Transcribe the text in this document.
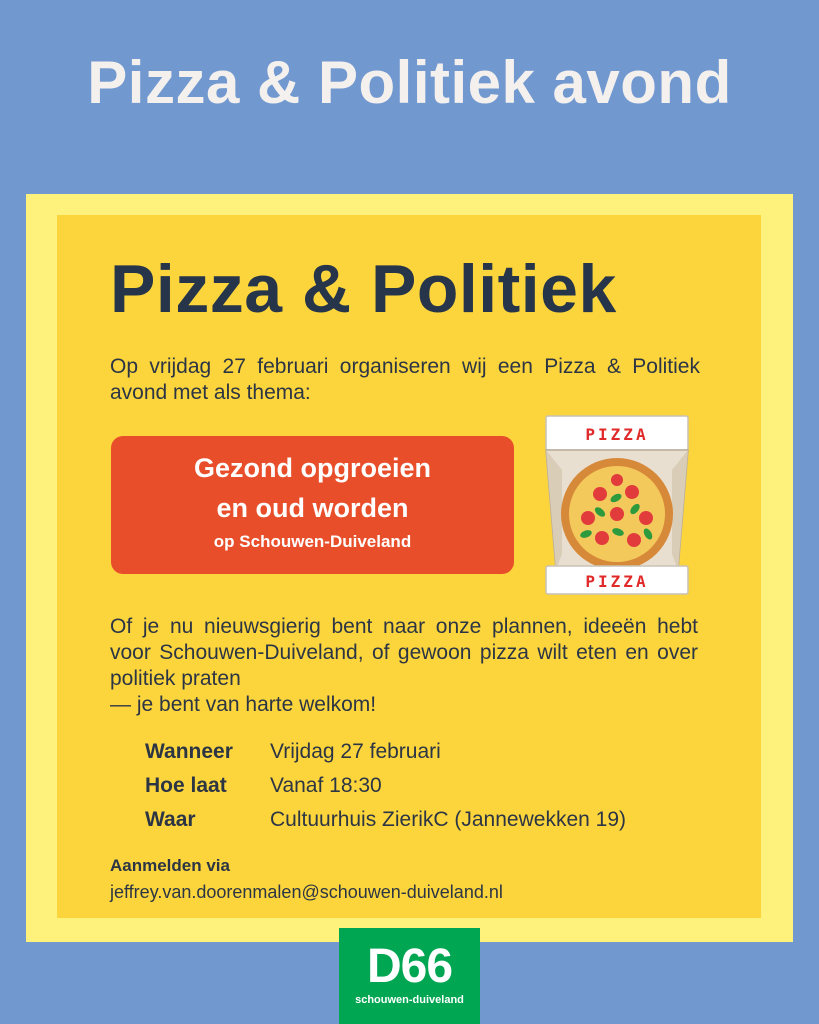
Pizza & Politiek avond
Pizza & Politiek

Op vrijdag 27 februari organiseren wij een Pizza & Politiek avond met als thema:

Gezond opgroeien
en oud worden
op Schouwen-Duiveland
PIZZA
PIZZA

Of je nu nieuwsgierig bent naar onze plannen, ideeën hebt voor Schouwen-Duiveland, of gewoon pizza wilt eten en over politiek praten
— je bent van harte welkom!

Wanneer Vrijdag 27 februari
Hoe laat Vanaf 18:30
Waar	Cultuurhuis ZierikC (Jannewekken 19)
Aanmelden via
jeffrey.van.doorenmalen@schouwen-duiveland.nl
D66
schouwen-duiveland
